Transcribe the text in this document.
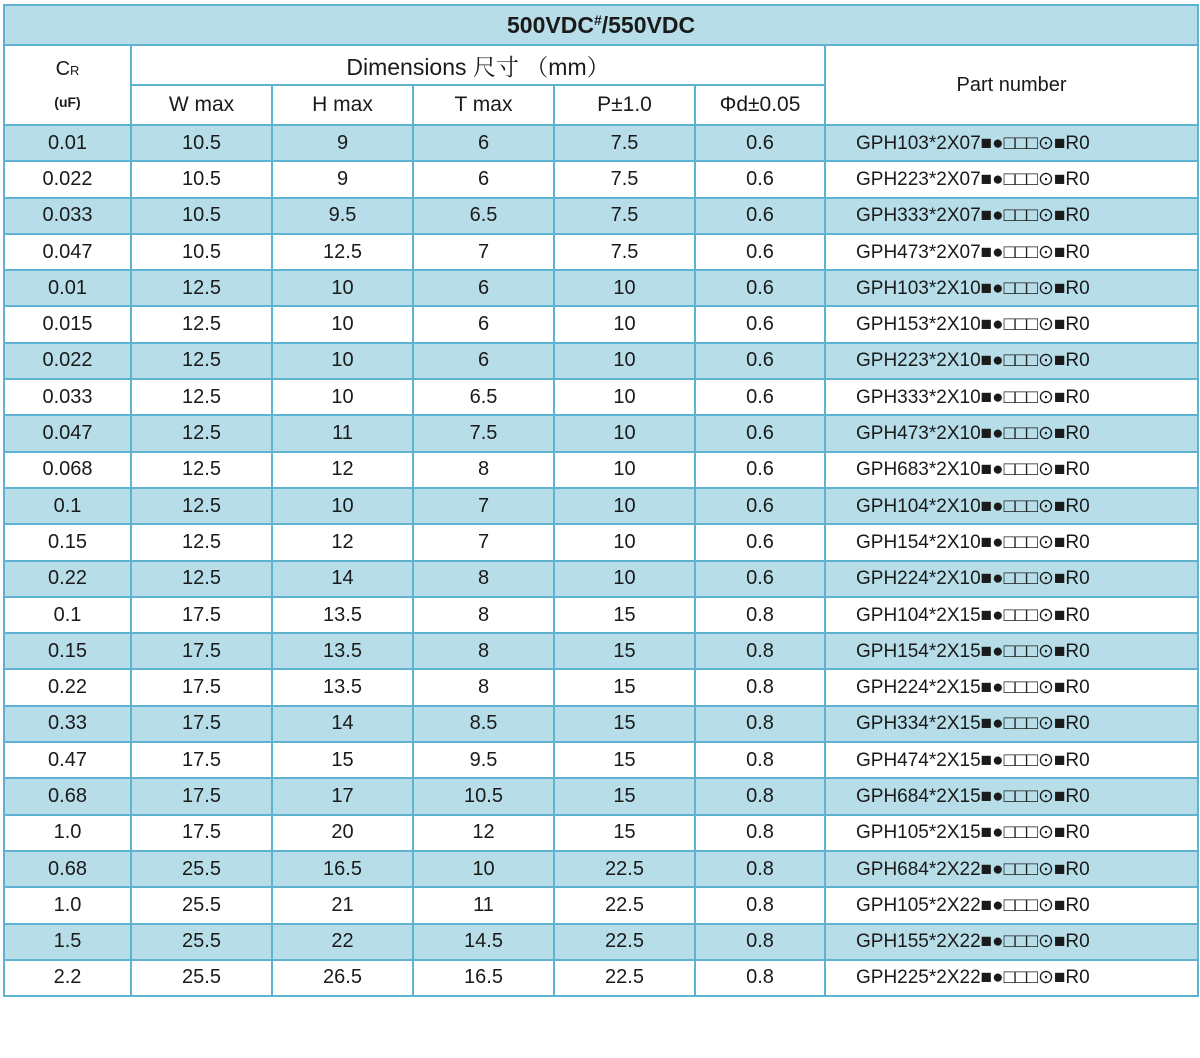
500VDC#/550VDC						
CR
(uF)	Dimensions 尺寸 （mm）					Part number
	W max	H max	T max	P±1.0	Φd±0.05	
0.01	10.5	9	6	7.5	0.6	GPH103*2X07■●□□□⊙■R0
0.022	10.5	9	6	7.5	0.6	GPH223*2X07■●□□□⊙■R0
0.033	10.5	9.5	6.5	7.5	0.6	GPH333*2X07■●□□□⊙■R0
0.047	10.5	12.5	7	7.5	0.6	GPH473*2X07■●□□□⊙■R0
0.01	12.5	10	6	10	0.6	GPH103*2X10■●□□□⊙■R0
0.015	12.5	10	6	10	0.6	GPH153*2X10■●□□□⊙■R0
0.022	12.5	10	6	10	0.6	GPH223*2X10■●□□□⊙■R0
0.033	12.5	10	6.5	10	0.6	GPH333*2X10■●□□□⊙■R0
0.047	12.5	11	7.5	10	0.6	GPH473*2X10■●□□□⊙■R0
0.068	12.5	12	8	10	0.6	GPH683*2X10■●□□□⊙■R0
0.1	12.5	10	7	10	0.6	GPH104*2X10■●□□□⊙■R0
0.15	12.5	12	7	10	0.6	GPH154*2X10■●□□□⊙■R0
0.22	12.5	14	8	10	0.6	GPH224*2X10■●□□□⊙■R0
0.1	17.5	13.5	8	15	0.8	GPH104*2X15■●□□□⊙■R0
0.15	17.5	13.5	8	15	0.8	GPH154*2X15■●□□□⊙■R0
0.22	17.5	13.5	8	15	0.8	GPH224*2X15■●□□□⊙■R0
0.33	17.5	14	8.5	15	0.8	GPH334*2X15■●□□□⊙■R0
0.47	17.5	15	9.5	15	0.8	GPH474*2X15■●□□□⊙■R0
0.68	17.5	17	10.5	15	0.8	GPH684*2X15■●□□□⊙■R0
1.0	17.5	20	12	15	0.8	GPH105*2X15■●□□□⊙■R0
0.68	25.5	16.5	10	22.5	0.8	GPH684*2X22■●□□□⊙■R0
1.0	25.5	21	11	22.5	0.8	GPH105*2X22■●□□□⊙■R0
1.5	25.5	22	14.5	22.5	0.8	GPH155*2X22■●□□□⊙■R0
2.2	25.5	26.5	16.5	22.5	0.8	GPH225*2X22■●□□□⊙■R0
